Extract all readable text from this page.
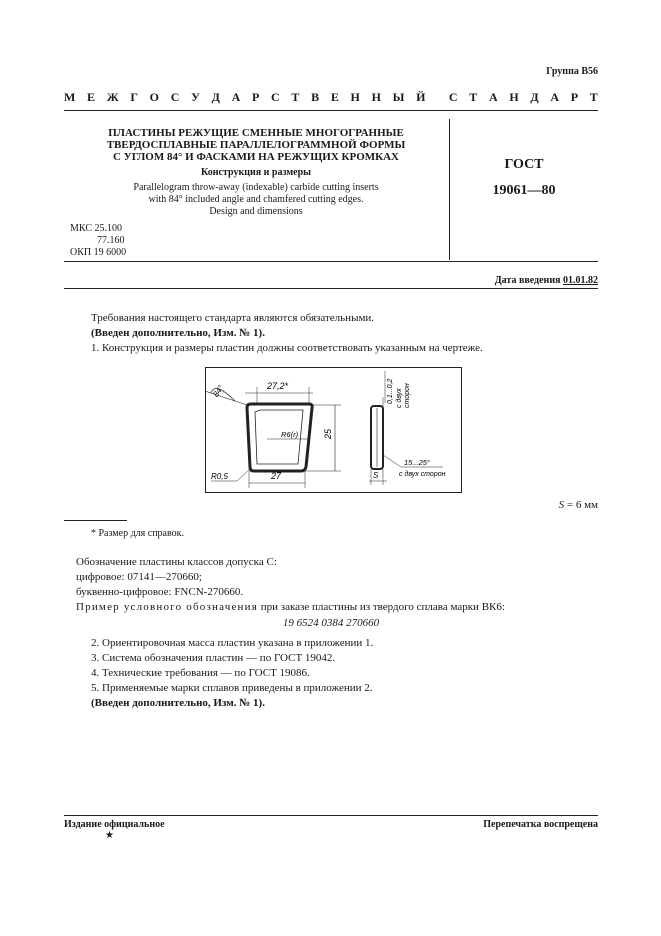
Группа В56
М Е Ж Г О С У Д А Р С Т В Е Н Н Ы Й С Т А Н Д А Р Т
ПЛАСТИНЫ РЕЖУЩИЕ СМЕННЫЕ МНОГОГРАННЫЕ
ТВЕРДОСПЛАВНЫЕ ПАРАЛЛЕЛОГРАММНОЙ ФОРМЫ
С УГЛОМ 84° И ФАСКАМИ НА РЕЖУЩИХ КРОМКАХ
Конструкция и размеры
Parallelogram throw-away (indexable) carbide cutting inserts
with 84° included angle and chamfered cutting edges.
Design and dimensions
ГОСТ
19061—80
МКС 25.100
77.160
ОКП 19 6000
Дата введения 01.01.82
Требования настоящего стандарта являются обязательными.
(Введен дополнительно, Изм. № 1).
1. Конструкция и размеры пластин должны соответствовать указанным на чертеже.
84°	27,2*
25
R6(r)
27
R0,5
0,1...0,2 с двух сторон
15...25°
с двух сторон
S
S = 6 мм
* Размер для справок.
Обозначение пластины классов допуска С:
цифровое: 07141—270660;
буквенно-цифровое: FNCN-270660.
Пример условного обозначения при заказе пластины из твердого сплава марки ВК6:
19 6524 0384 270660
2. Ориентировочная масса пластин указана в приложении 1.
3. Система обозначения пластин — по ГОСТ 19042.
4. Технические требования — по ГОСТ 19086.
5. Применяемые марки сплавов приведены в приложении 2.
(Введен дополнительно, Изм. № 1).
Издание официальное	Перепечатка воспрещена
★
